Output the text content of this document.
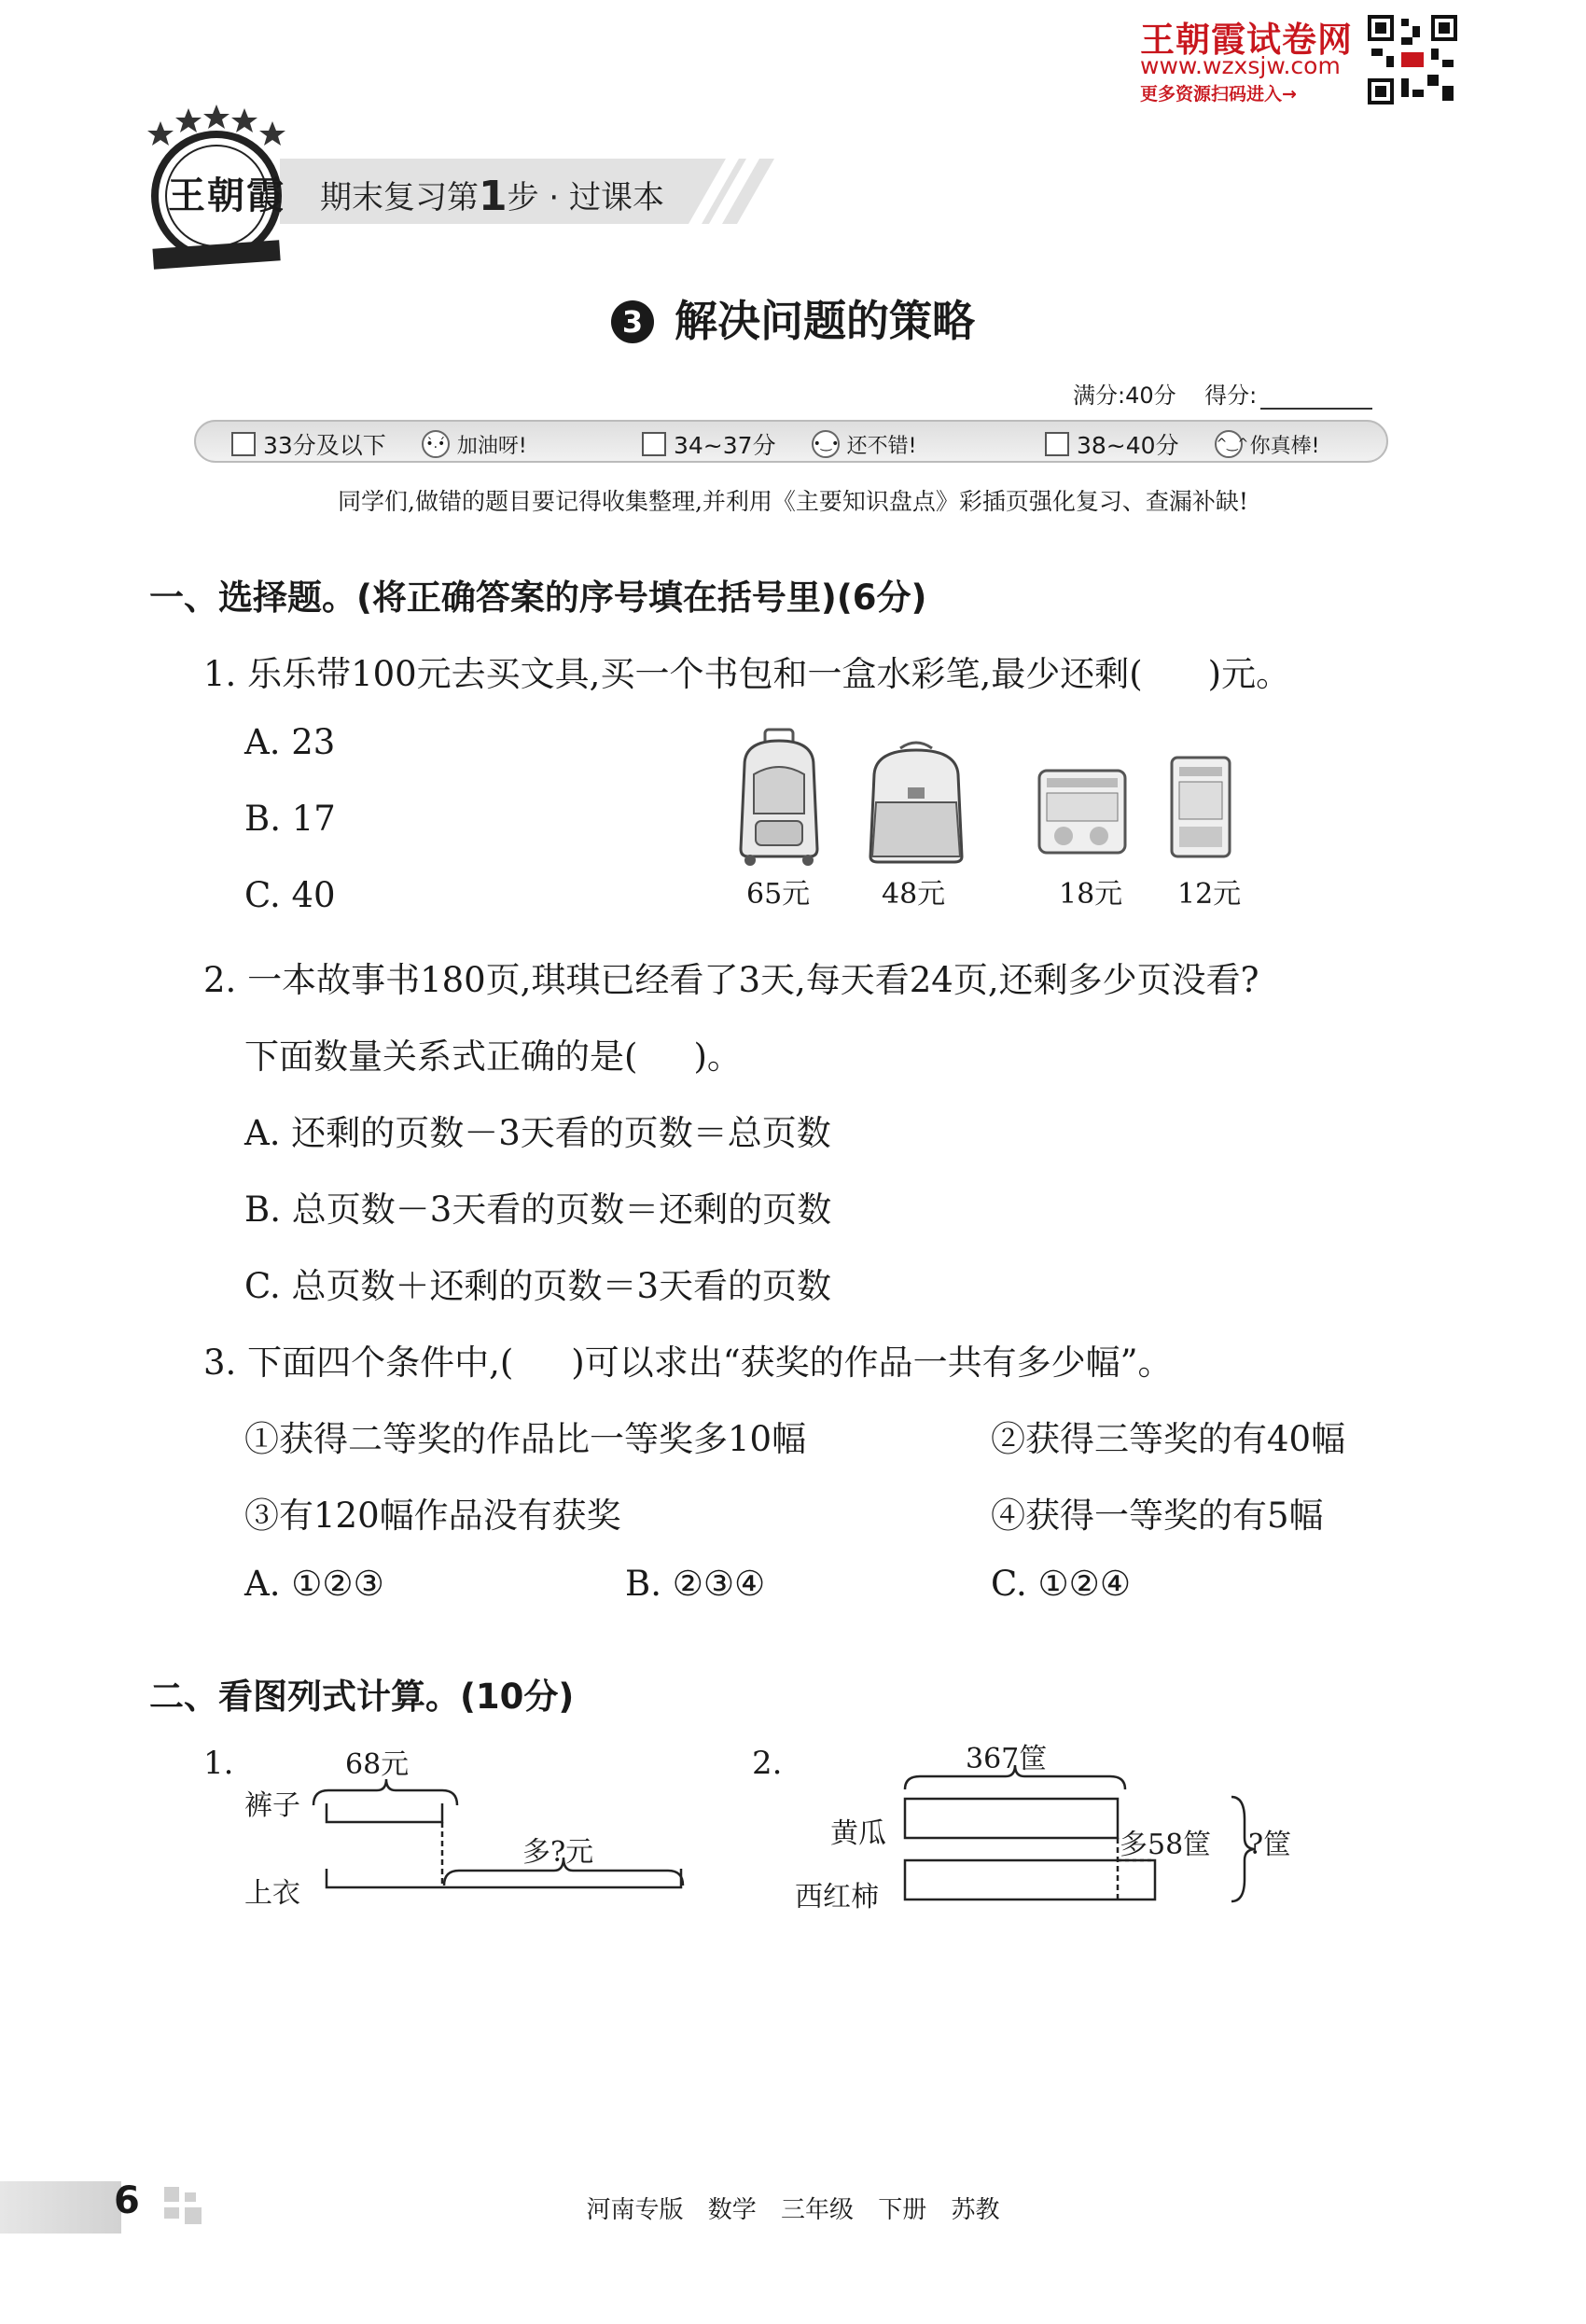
王朝霞试卷网
www.wzxsjw.com
更多资源扫码进入→
期末复习第1步 · 过课本
王朝霞
3 解决问题的策略
满分:40分 得分:
33分及以下	•̀.•́ 加油呀!	34~37分	•‿• 还不错!	38~40分	^‿^ 你真棒!
同学们,做错的题目要记得收集整理,并利用《主要知识盘点》彩插页强化复习、查漏补缺!
一、选择题。(将正确答案的序号填在括号里)(6分)
1. 乐乐带100元去买文具,买一个书包和一盒水彩笔,最少还剩( )元。
A. 23
B. 17
C. 40	65元	48元	18元 12元
2. 一本故事书180页,琪琪已经看了3天,每天看24页,还剩多少页没看?
下面数量关系式正确的是( )。
A. 还剩的页数－3天看的页数＝总页数
B. 总页数－3天看的页数＝还剩的页数
C. 总页数＋还剩的页数＝3天看的页数
3. 下面四个条件中,( )可以求出“获奖的作品一共有多少幅”。
①获得二等奖的作品比一等奖多10幅	②获得三等奖的有40幅
③有120幅作品没有获奖	④获得一等奖的有5幅
A. ①②③	B. ②③④	C. ①②④
二、看图列式计算。(10分)
1.	68元
裤子
上衣
多?元
2.	367筐
黄瓜
西红柿
多58筐 ?筐
6	河南专版 数学 三年级 下册 苏教
